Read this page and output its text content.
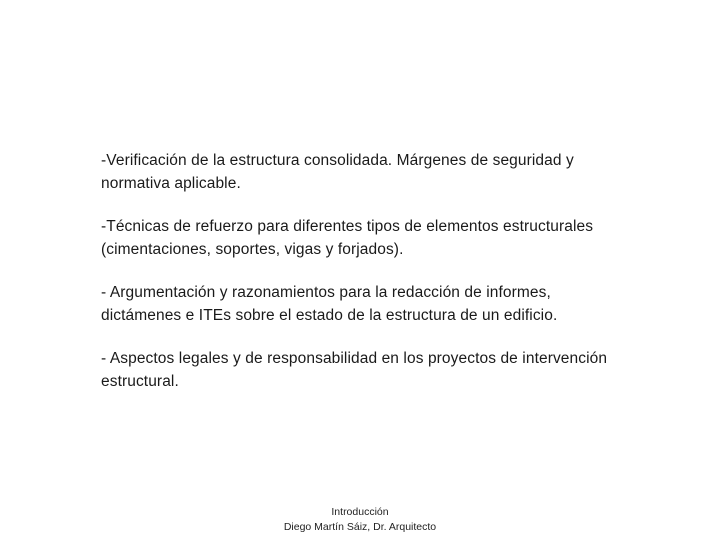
-Verificación de la estructura consolidada. Márgenes de seguridad y normativa aplicable.

-Técnicas de refuerzo para diferentes tipos de elementos estructurales (cimentaciones, soportes, vigas y forjados).

- Argumentación y razonamientos para la redacción de informes, dictámenes e ITEs sobre el estado de la estructura de un edificio.

- Aspectos legales y de responsabilidad en los proyectos de intervención estructural.

Introducción
Diego Martín Sáiz, Dr. Arquitecto
